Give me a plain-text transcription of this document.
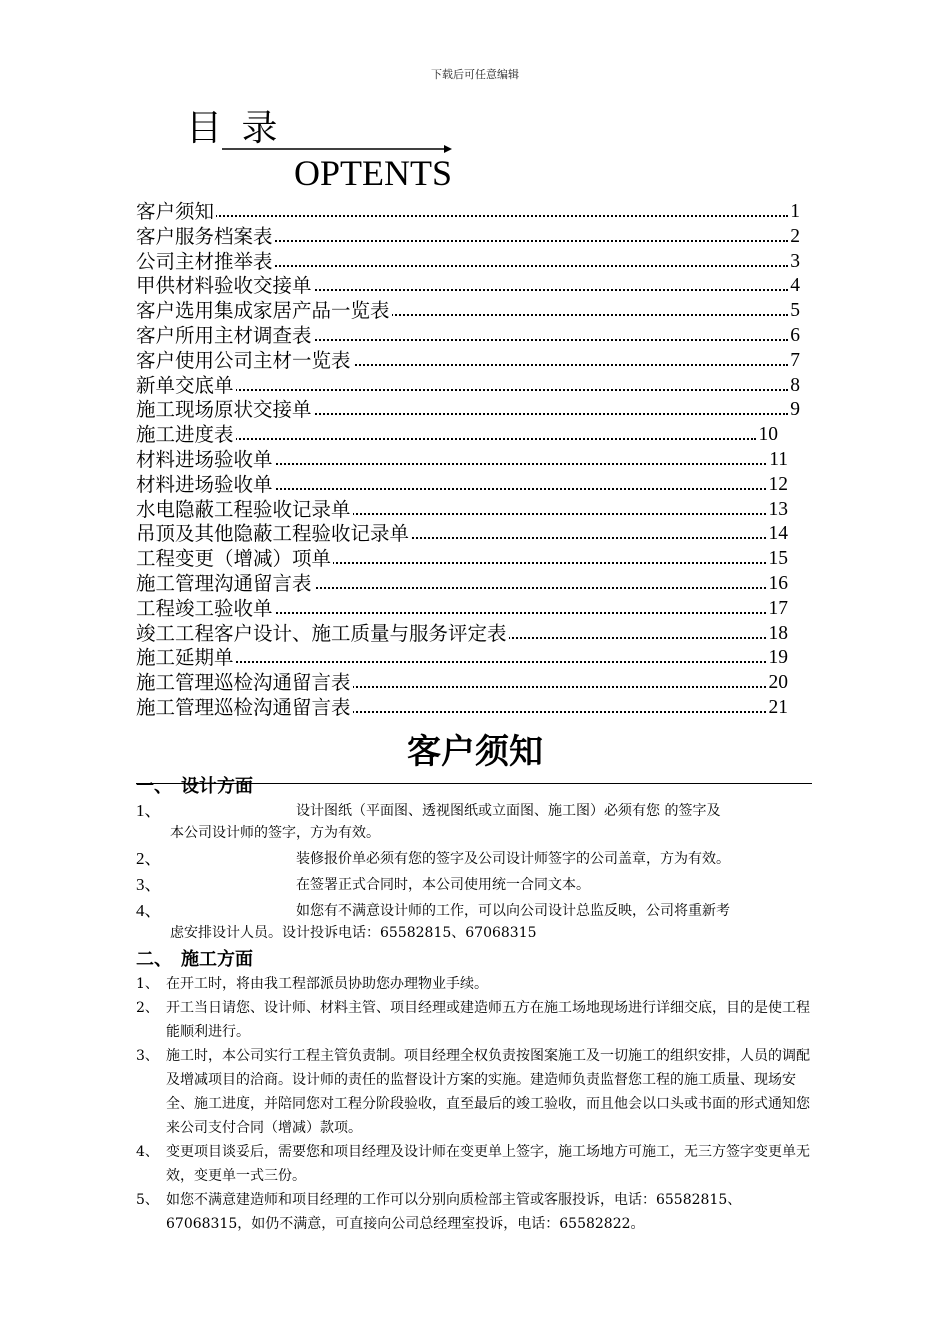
下载后可任意编辑
目 录
OPTENTS
客户须知	1
客户服务档案表	2
公司主材推举表	3
甲供材料验收交接单	4
客户选用集成家居产品一览表	5
客户所用主材调查表	6
客户使用公司主材一览表	7
新单交底单	8
施工现场原状交接单	9
施工进度表	10
材料进场验收单	11
材料进场验收单	12
水电隐蔽工程验收记录单	13
吊顶及其他隐蔽工程验收记录单	14
工程变更（增减）项单	15
施工管理沟通留言表	16
工程竣工验收单	17
竣工工程客户设计、施工质量与服务评定表	18
施工延期单	19
施工管理巡检沟通留言表	20
施工管理巡检沟通留言表	21
客户须知
一、　设计方面
1、	设计图纸（平面图、透视图纸或立面图、施工图）必须有您 的签字及
本公司设计师的签字，方为有效。
2、	装修报价单必须有您的签字及公司设计师签字的公司盖章，方为有效。
3、	在签署正式合同时，本公司使用统一合同文本。
4、	如您有不满意设计师的工作，可以向公司设计总监反映，公司将重新考
虑安排设计人员。设计投诉电话：65582815、67068315
二、　施工方面
1、 在开工时，将由我工程部派员协助您办理物业手续。
2、 开工当日请您、设计师、材料主管、项目经理或建造师五方在施工场地现场进行详细交底，目的是使工程能顺利进行。
3、 施工时，本公司实行工程主管负责制。项目经理全权负责按图案施工及一切施工的组织安排，人员的调配及增减项目的洽商。设计师的责任的监督设计方案的实施。建造师负责监督您工程的施工质量、现场安全、施工进度，并陪同您对工程分阶段验收，直至最后的竣工验收，而且他会以口头或书面的形式通知您来公司支付合同（增减）款项。
4、 变更项目谈妥后，需要您和项目经理及设计师在变更单上签字，施工场地方可施工，无三方签字变更单无效，变更单一式三份。
5、 如您不满意建造师和项目经理的工作可以分别向质检部主管或客服投诉，电话：65582815、67068315，如仍不满意，可直接向公司总经理室投诉，电话：65582822。
